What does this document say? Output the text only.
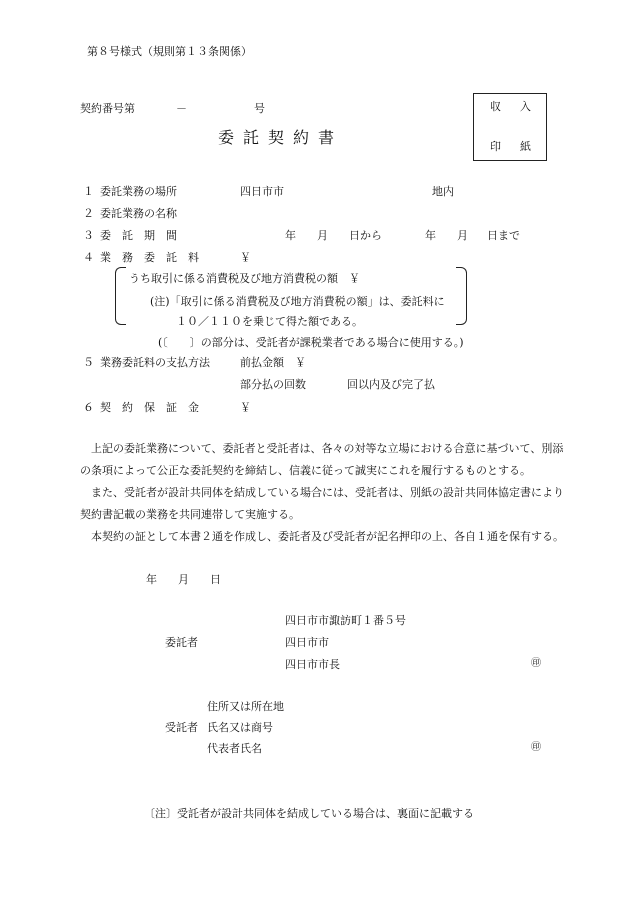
第８号様式（規則第１３条関係）
契約番号第	－	号
委託契約書
収 入
印 紙
１ 委託業務の場所	四日市市	地内
２ 委託業務の名称
３ 委　託　期　間	年 月 日から	年 月 日まで
４ 業　務　委　託　料	￥
うち取引に係る消費税及び地方消費税の額　￥
(注)「取引に係る消費税及び地方消費税の額」は、委託料に
１０／１１０を乗じて得た額である。
(〔　　〕の部分は、受託者が課税業者である場合に使用する。)
５ 業務委託料の支払方法	前払金額　￥
部分払の回数	回以内及び完了払
６ 契　約　保　証　金	￥
　上記の委託業務について、委託者と受託者は、各々の対等な立場における合意に基づいて、別添
の条項によって公正な委託契約を締結し、信義に従って誠実にこれを履行するものとする。
　また、受託者が設計共同体を結成している場合には、受託者は、別紙の設計共同体協定書により
契約書記載の業務を共同連帯して実施する。
　本契約の証として本書２通を作成し、委託者及び受託者が記名押印の上、各自１通を保有する。
年 月 日
四日市市諏訪町１番５号
委託者	四日市市
四日市市長	㊞
住所又は所在地
受託者 氏名又は商号
代表者氏名	㊞
〔注〕受託者が設計共同体を結成している場合は、裏面に記載する
